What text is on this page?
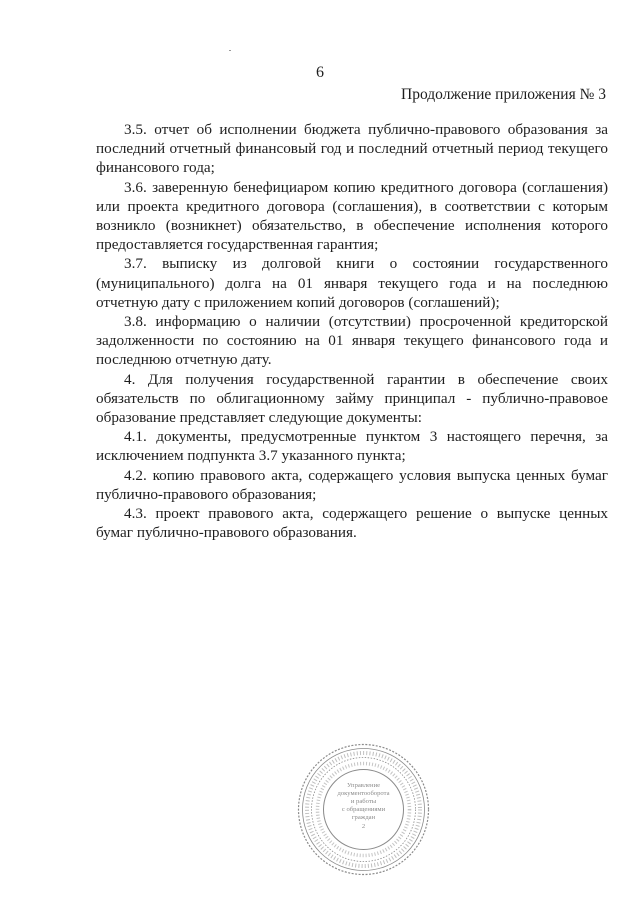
6
Продолжение приложения № 3

3.5. отчет об исполнении бюджета публично-правового образования за последний отчетный финансовый год и последний отчетный период текущего финансового года;

3.6. заверенную бенефициаром копию кредитного договора (соглашения) или проекта кредитного договора (соглашения), в соответствии с которым возникло (возникнет) обязательство, в обеспечение исполнения которого предоставляется государственная гарантия;

3.7. выписку из долговой книги о состоянии государственного (муниципального) долга на 01 января текущего года и на последнюю отчетную дату с приложением копий договоров (соглашений);

3.8. информацию о наличии (отсутствии) просроченной кредиторской задолженности по состоянию на 01 января текущего финансового года и последнюю отчетную дату.

4. Для получения государственной гарантии в обеспечение своих обязательств по облигационному займу принципал - публично-правовое образование представляет следующие документы:

4.1. документы, предусмотренные пунктом 3 настоящего перечня, за исключением подпункта 3.7 указанного пункта;

4.2. копию правового акта, содержащего условия выпуска ценных бумаг публично-правового образования;

4.3. проект правового акта, содержащего решение о выпуске ценных бумаг публично-правового образования.

Управление
документооборота
и работы
с обращениями
граждан
2
